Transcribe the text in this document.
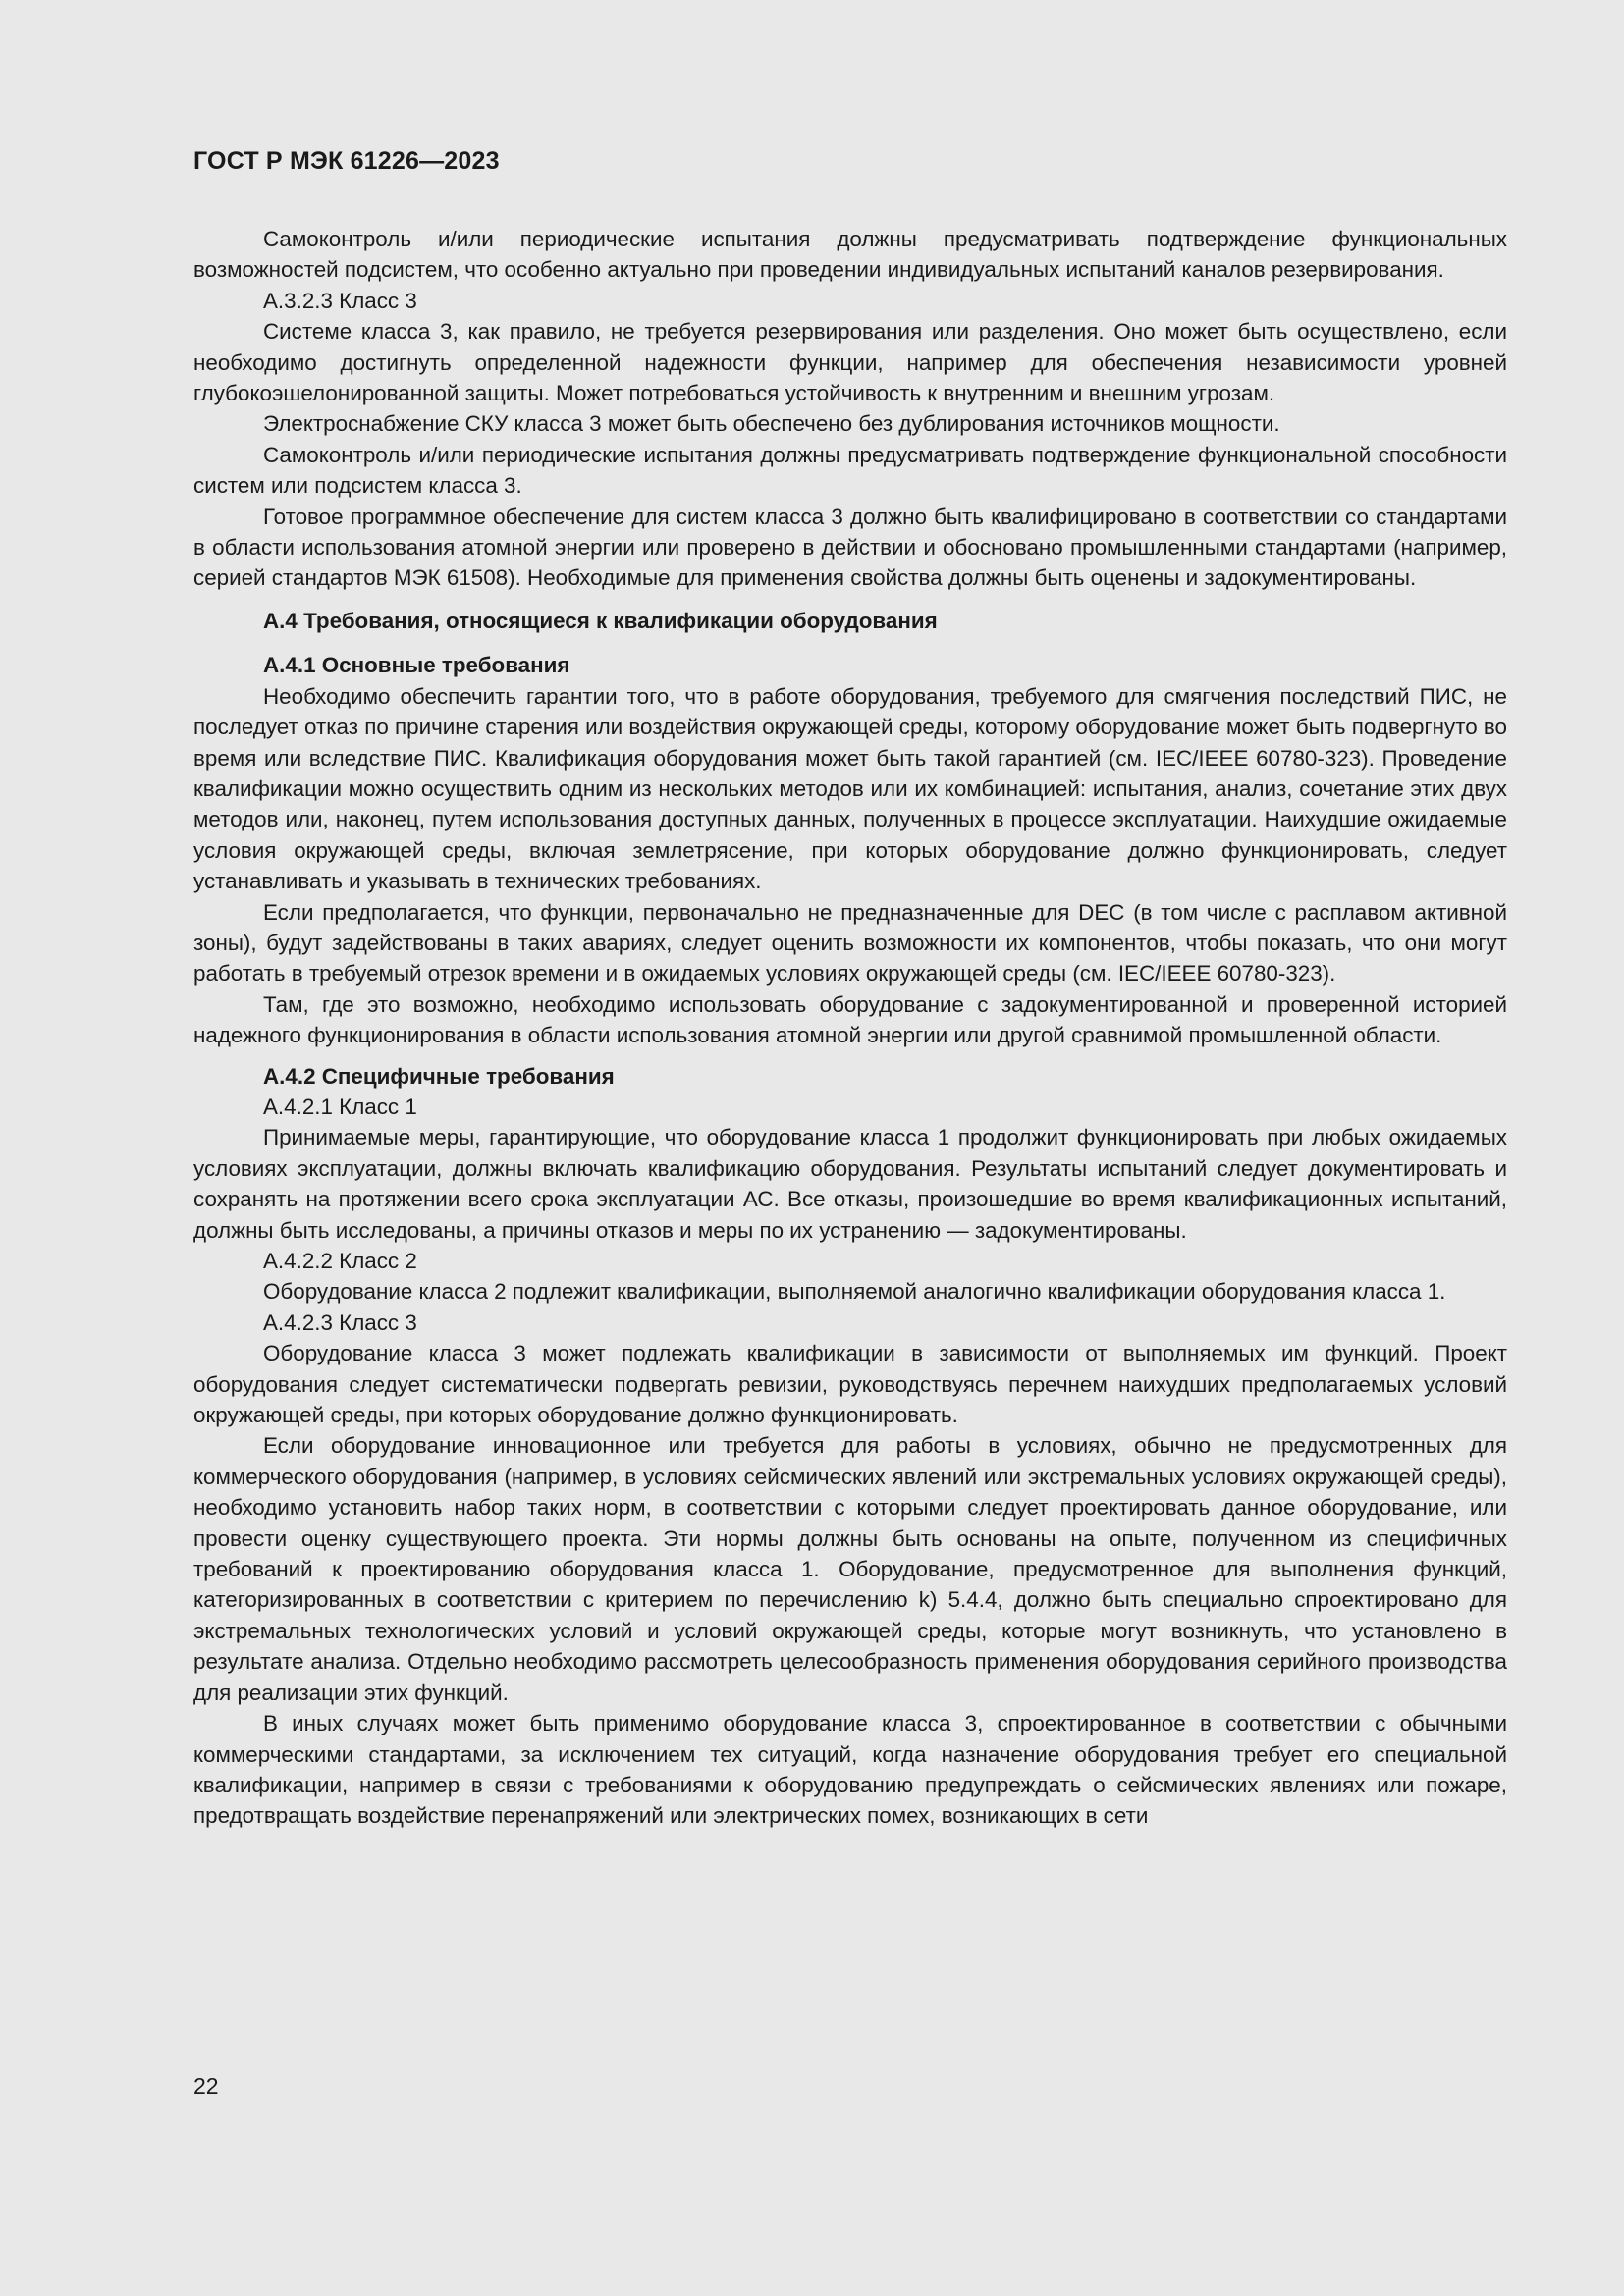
ГОСТ Р МЭК 61226—2023

Самоконтроль и/или периодические испытания должны предусматривать подтверждение функциональных возможностей подсистем, что особенно актуально при проведении индивидуальных испытаний каналов резервирования.

А.3.2.3 Класс 3

Системе класса 3, как правило, не требуется резервирования или разделения. Оно может быть осуществлено, если необходимо достигнуть определенной надежности функции, например для обеспечения независимости уровней глубокоэшелонированной защиты. Может потребоваться устойчивость к внутренним и внешним угрозам.

Электроснабжение СКУ класса 3 может быть обеспечено без дублирования источников мощности.

Самоконтроль и/или периодические испытания должны предусматривать подтверждение функциональной способности систем или подсистем класса 3.

Готовое программное обеспечение для систем класса 3 должно быть квалифицировано в соответствии со стандартами в области использования атомной энергии или проверено в действии и обосновано промышленными стандартами (например, серией стандартов МЭК 61508). Необходимые для применения свойства должны быть оценены и задокументированы.

А.4 Требования, относящиеся к квалификации оборудования

А.4.1 Основные требования

Необходимо обеспечить гарантии того, что в работе оборудования, требуемого для смягчения последствий ПИС, не последует отказ по причине старения или воздействия окружающей среды, которому оборудование может быть подвергнуто во время или вследствие ПИС. Квалификация оборудования может быть такой гарантией (см. IEC/IEEE 60780-323). Проведение квалификации можно осуществить одним из нескольких методов или их комбинацией: испытания, анализ, сочетание этих двух методов или, наконец, путем использования доступных данных, полученных в процессе эксплуатации. Наихудшие ожидаемые условия окружающей среды, включая землетрясение, при которых оборудование должно функционировать, следует устанавливать и указывать в технических требованиях.

Если предполагается, что функции, первоначально не предназначенные для DEC (в том числе с расплавом активной зоны), будут задействованы в таких авариях, следует оценить возможности их компонентов, чтобы показать, что они могут работать в требуемый отрезок времени и в ожидаемых условиях окружающей среды (см. IEC/IEEE 60780-323).

Там, где это возможно, необходимо использовать оборудование с задокументированной и проверенной историей надежного функционирования в области использования атомной энергии или другой сравнимой промышленной области.

А.4.2 Специфичные требования

А.4.2.1 Класс 1

Принимаемые меры, гарантирующие, что оборудование класса 1 продолжит функционировать при любых ожидаемых условиях эксплуатации, должны включать квалификацию оборудования. Результаты испытаний следует документировать и сохранять на протяжении всего срока эксплуатации АС. Все отказы, произошедшие во время квалификационных испытаний, должны быть исследованы, а причины отказов и меры по их устранению — задокументированы.

А.4.2.2 Класс 2

Оборудование класса 2 подлежит квалификации, выполняемой аналогично квалификации оборудования класса 1.

А.4.2.3 Класс 3

Оборудование класса 3 может подлежать квалификации в зависимости от выполняемых им функций. Проект оборудования следует систематически подвергать ревизии, руководствуясь перечнем наихудших предполагаемых условий окружающей среды, при которых оборудование должно функционировать.

Если оборудование инновационное или требуется для работы в условиях, обычно не предусмотренных для коммерческого оборудования (например, в условиях сейсмических явлений или экстремальных условиях окружающей среды), необходимо установить набор таких норм, в соответствии с которыми следует проектировать данное оборудование, или провести оценку существующего проекта. Эти нормы должны быть основаны на опыте, полученном из специфичных требований к проектированию оборудования класса 1. Оборудование, предусмотренное для выполнения функций, категоризированных в соответствии с критерием по перечислению k) 5.4.4, должно быть специально спроектировано для экстремальных технологических условий и условий окружающей среды, которые могут возникнуть, что установлено в результате анализа. Отдельно необходимо рассмотреть целесообразность применения оборудования серийного производства для реализации этих функций.

В иных случаях может быть применимо оборудование класса 3, спроектированное в соответствии с обычными коммерческими стандартами, за исключением тех ситуаций, когда назначение оборудования требует его специальной квалификации, например в связи с требованиями к оборудованию предупреждать о сейсмических явлениях или пожаре, предотвращать воздействие перенапряжений или электрических помех, возникающих в сети

22
